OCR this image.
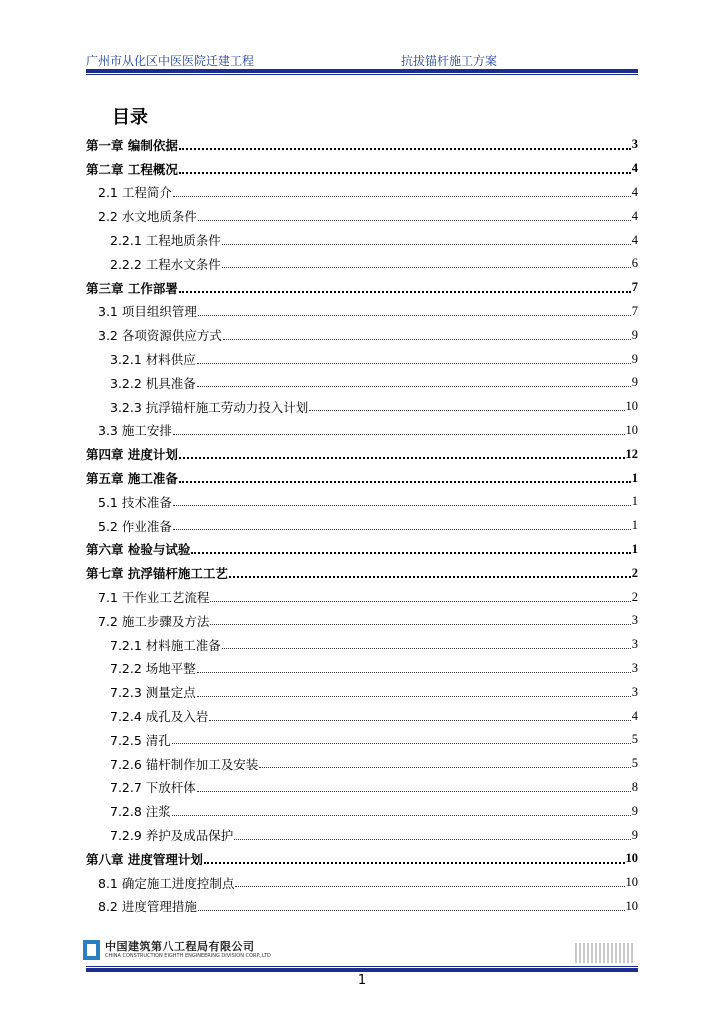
广州市从化区中医医院迁建工程	抗拔锚杆施工方案
目录
第一章 编制依据	3
第二章 工程概况	4
2.1 工程简介	4
2.2 水文地质条件	4
2.2.1 工程地质条件	4
2.2.2 工程水文条件	6
第三章 工作部署	7
3.1 项目组织管理	7
3.2 各项资源供应方式	9
3.2.1 材料供应	9
3.2.2 机具准备	9
3.2.3 抗浮锚杆施工劳动力投入计划	10
3.3 施工安排	10
第四章 进度计划	12
第五章 施工准备	1
5.1 技术准备	1
5.2 作业准备	1
第六章 检验与试验	1
第七章 抗浮锚杆施工工艺	2
7.1 干作业工艺流程	2
7.2 施工步骤及方法	3
7.2.1 材料施工准备	3
7.2.2 场地平整	3
7.2.3 测量定点	3
7.2.4 成孔及入岩	4
7.2.5 清孔	5
7.2.6 锚杆制作加工及安装	5
7.2.7 下放杆体	8
7.2.8 注浆	9
7.2.9 养护及成品保护	9
第八章 进度管理计划	10
8.1 确定施工进度控制点	10
8.2 进度管理措施	10
中国建筑第八工程局有限公司
CHINA CONSTRUCTION EIGHTH ENGINEERING DIVISION CORP.,LTD
1
